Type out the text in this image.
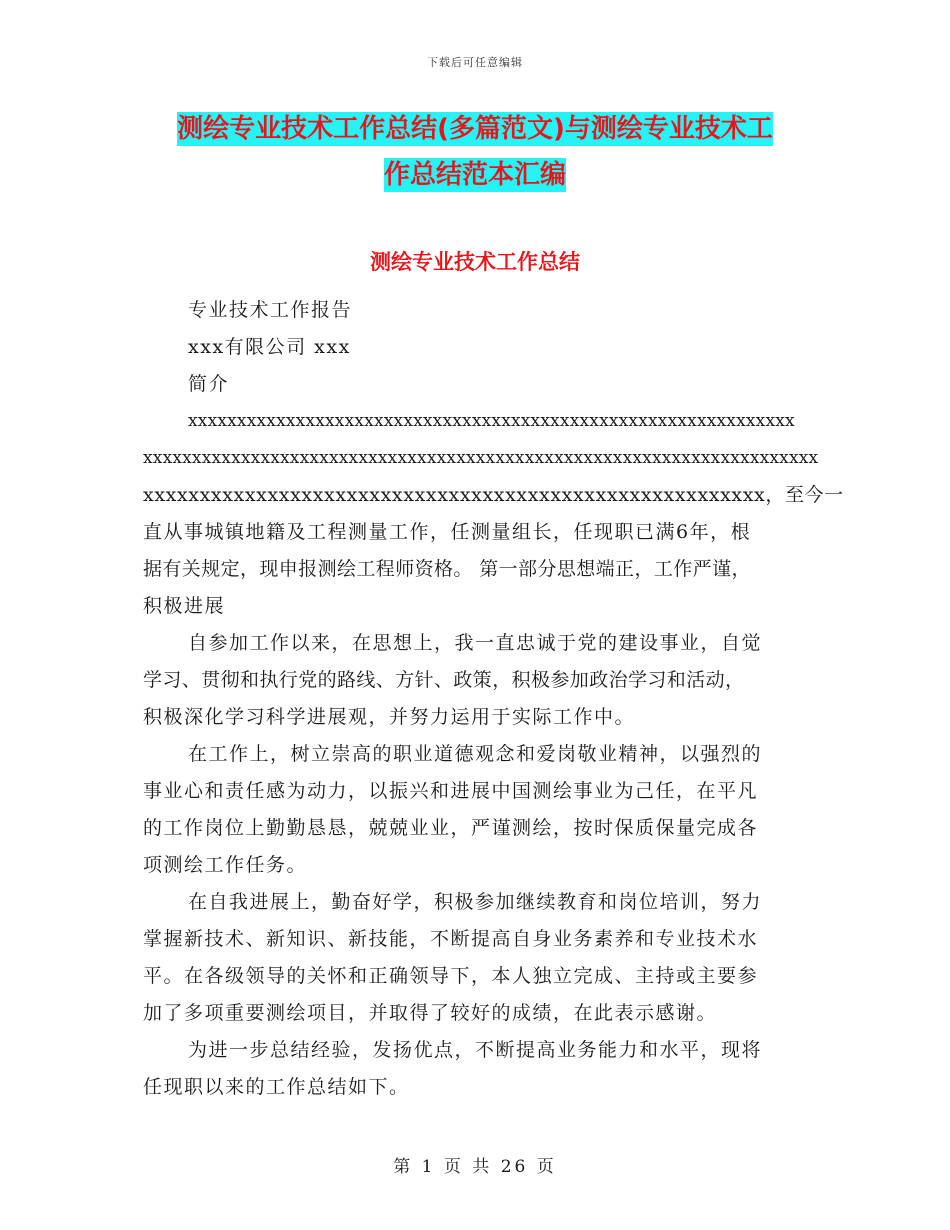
下载后可任意编辑
测绘专业技术工作总结(多篇范文)与测绘专业技术工
作总结范本汇编
测绘专业技术工作总结
专业技术工作报告
xxx有限公司 xxx
简介
xxxxxxxxxxxxxxxxxxxxxxxxxxxxxxxxxxxxxxxxxxxxxxxxxxxxxxxxxxxxxx
xxxxxxxxxxxxxxxxxxxxxxxxxxxxxxxxxxxxxxxxxxxxxxxxxxxxxxxxxxxxxxxxxxxxx
xxxxxxxxxxxxxxxxxxxxxxxxxxxxxxxxxxxxxxxxxxxxxxxxxxxxxxx，至今一
直从事城镇地籍及工程测量工作，任测量组长，任现职已满6年，根
据有关规定，现申报测绘工程师资格。 第一部分思想端正，工作严谨，
积极进展
自参加工作以来，在思想上，我一直忠诚于党的建设事业，自觉
学习、贯彻和执行党的路线、方针、政策，积极参加政治学习和活动，
积极深化学习科学进展观，并努力运用于实际工作中。
在工作上，树立崇高的职业道德观念和爱岗敬业精神，以强烈的
事业心和责任感为动力，以振兴和进展中国测绘事业为己任，在平凡
的工作岗位上勤勤恳恳，兢兢业业，严谨测绘，按时保质保量完成各
项测绘工作任务。
在自我进展上，勤奋好学，积极参加继续教育和岗位培训，努力
掌握新技术、新知识、新技能，不断提高自身业务素养和专业技术水
平。在各级领导的关怀和正确领导下，本人独立完成、主持或主要参
加了多项重要测绘项目，并取得了较好的成绩，在此表示感谢。
为进一步总结经验，发扬优点，不断提高业务能力和水平，现将
任现职以来的工作总结如下。
第 1 页 共 26 页
